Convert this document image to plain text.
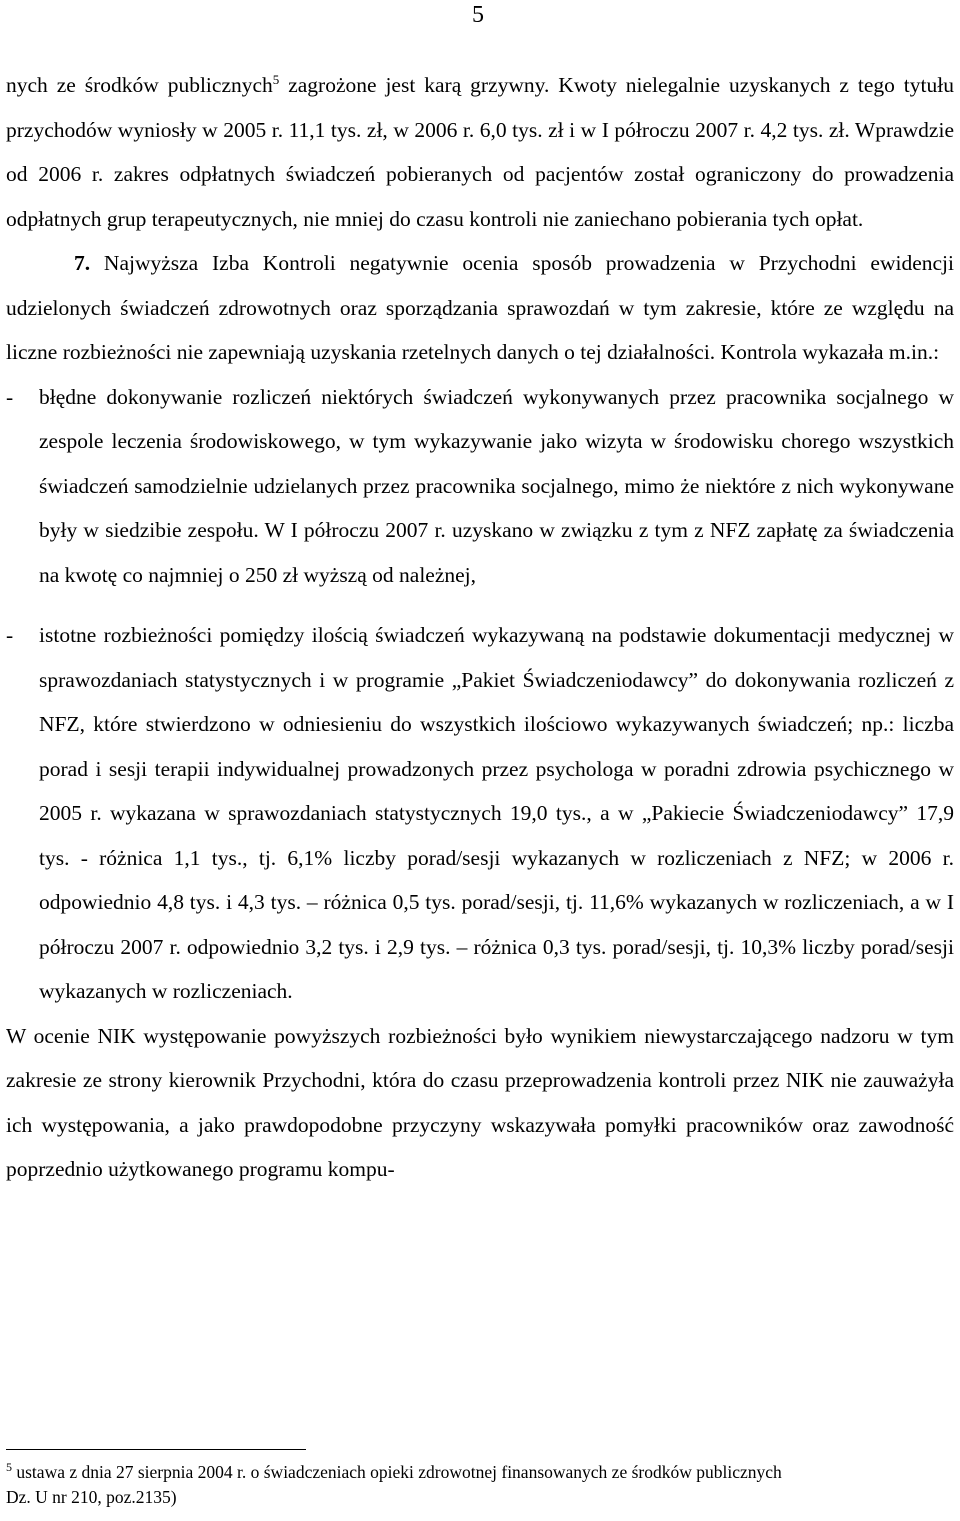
5

nych ze środków publicznych$^5$ zagrożone jest karą grzywny. Kwoty nielegalnie uzyskanych z tego tytułu przychodów wyniosły w 2005 r. 11,1 tys. zł, w 2006 r. 6,0 tys. zł i w I półroczu 2007 r. 4,2 tys. zł. Wprawdzie od 2006 r. zakres odpłatnych świadczeń pobieranych od pacjentów został ograniczony do prowadzenia odpłatnych grup terapeutycznych, nie mniej do czasu kontroli nie zaniechano pobierania tych opłat.

7. Najwyższa Izba Kontroli negatywnie ocenia sposób prowadzenia w Przychodni ewidencji udzielonych świadczeń zdrowotnych oraz sporządzania sprawozdań w tym zakresie, które ze względu na liczne rozbieżności nie zapewniają uzyskania rzetelnych danych o tej działalności. Kontrola wykazała m.in.:

- błędne dokonywanie rozliczeń niektórych świadczeń wykonywanych przez pracownika socjalnego w zespole leczenia środowiskowego, w tym wykazywanie jako wizyta w środowisku chorego wszystkich świadczeń samodzielnie udzielanych przez pracownika socjalnego, mimo że niektóre z nich wykonywane były w siedzibie zespołu. W I półroczu 2007 r. uzyskano w związku z tym z NFZ zapłatę za świadczenia na kwotę co najmniej o 250 zł wyższą od należnej,
- istotne rozbieżności pomiędzy ilością świadczeń wykazywaną na podstawie dokumentacji medycznej w sprawozdaniach statystycznych i w programie „Pakiet Świadczeniodawcy” do dokonywania rozliczeń z NFZ, które stwierdzono w odniesieniu do wszystkich ilościowo wykazywanych świadczeń; np.: liczba porad i sesji terapii indywidualnej prowadzonych przez psychologa w poradni zdrowia psychicznego w 2005 r. wykazana w sprawozdaniach statystycznych 19,0 tys., a w „Pakiecie Świadczeniodawcy” 17,9 tys. - różnica 1,1 tys., tj. 6,1% liczby porad/sesji wykazanych w rozliczeniach z NFZ; w 2006 r. odpowiednio 4,8 tys. i 4,3 tys. – różnica 0,5 tys. porad/sesji, tj. 11,6% wykazanych w rozliczeniach, a w I półroczu 2007 r. odpowiednio 3,2 tys. i 2,9 tys. – różnica 0,3 tys. porad/sesji, tj. 10,3% liczby porad/sesji wykazanych w rozliczeniach.

W ocenie NIK występowanie powyższych rozbieżności było wynikiem niewystarczającego nadzoru w tym zakresie ze strony kierownik Przychodni, która do czasu przeprowadzenia kontroli przez NIK nie zauważyła ich występowania, a jako prawdopodobne przyczyny wskazywała pomyłki pracowników oraz zawodność poprzednio użytkowanego programu kompu-

$^5$ ustawa z dnia 27 sierpnia 2004 r. o świadczeniach opieki zdrowotnej finansowanych ze środków publicznych
Dz. U nr 210, poz.2135)
